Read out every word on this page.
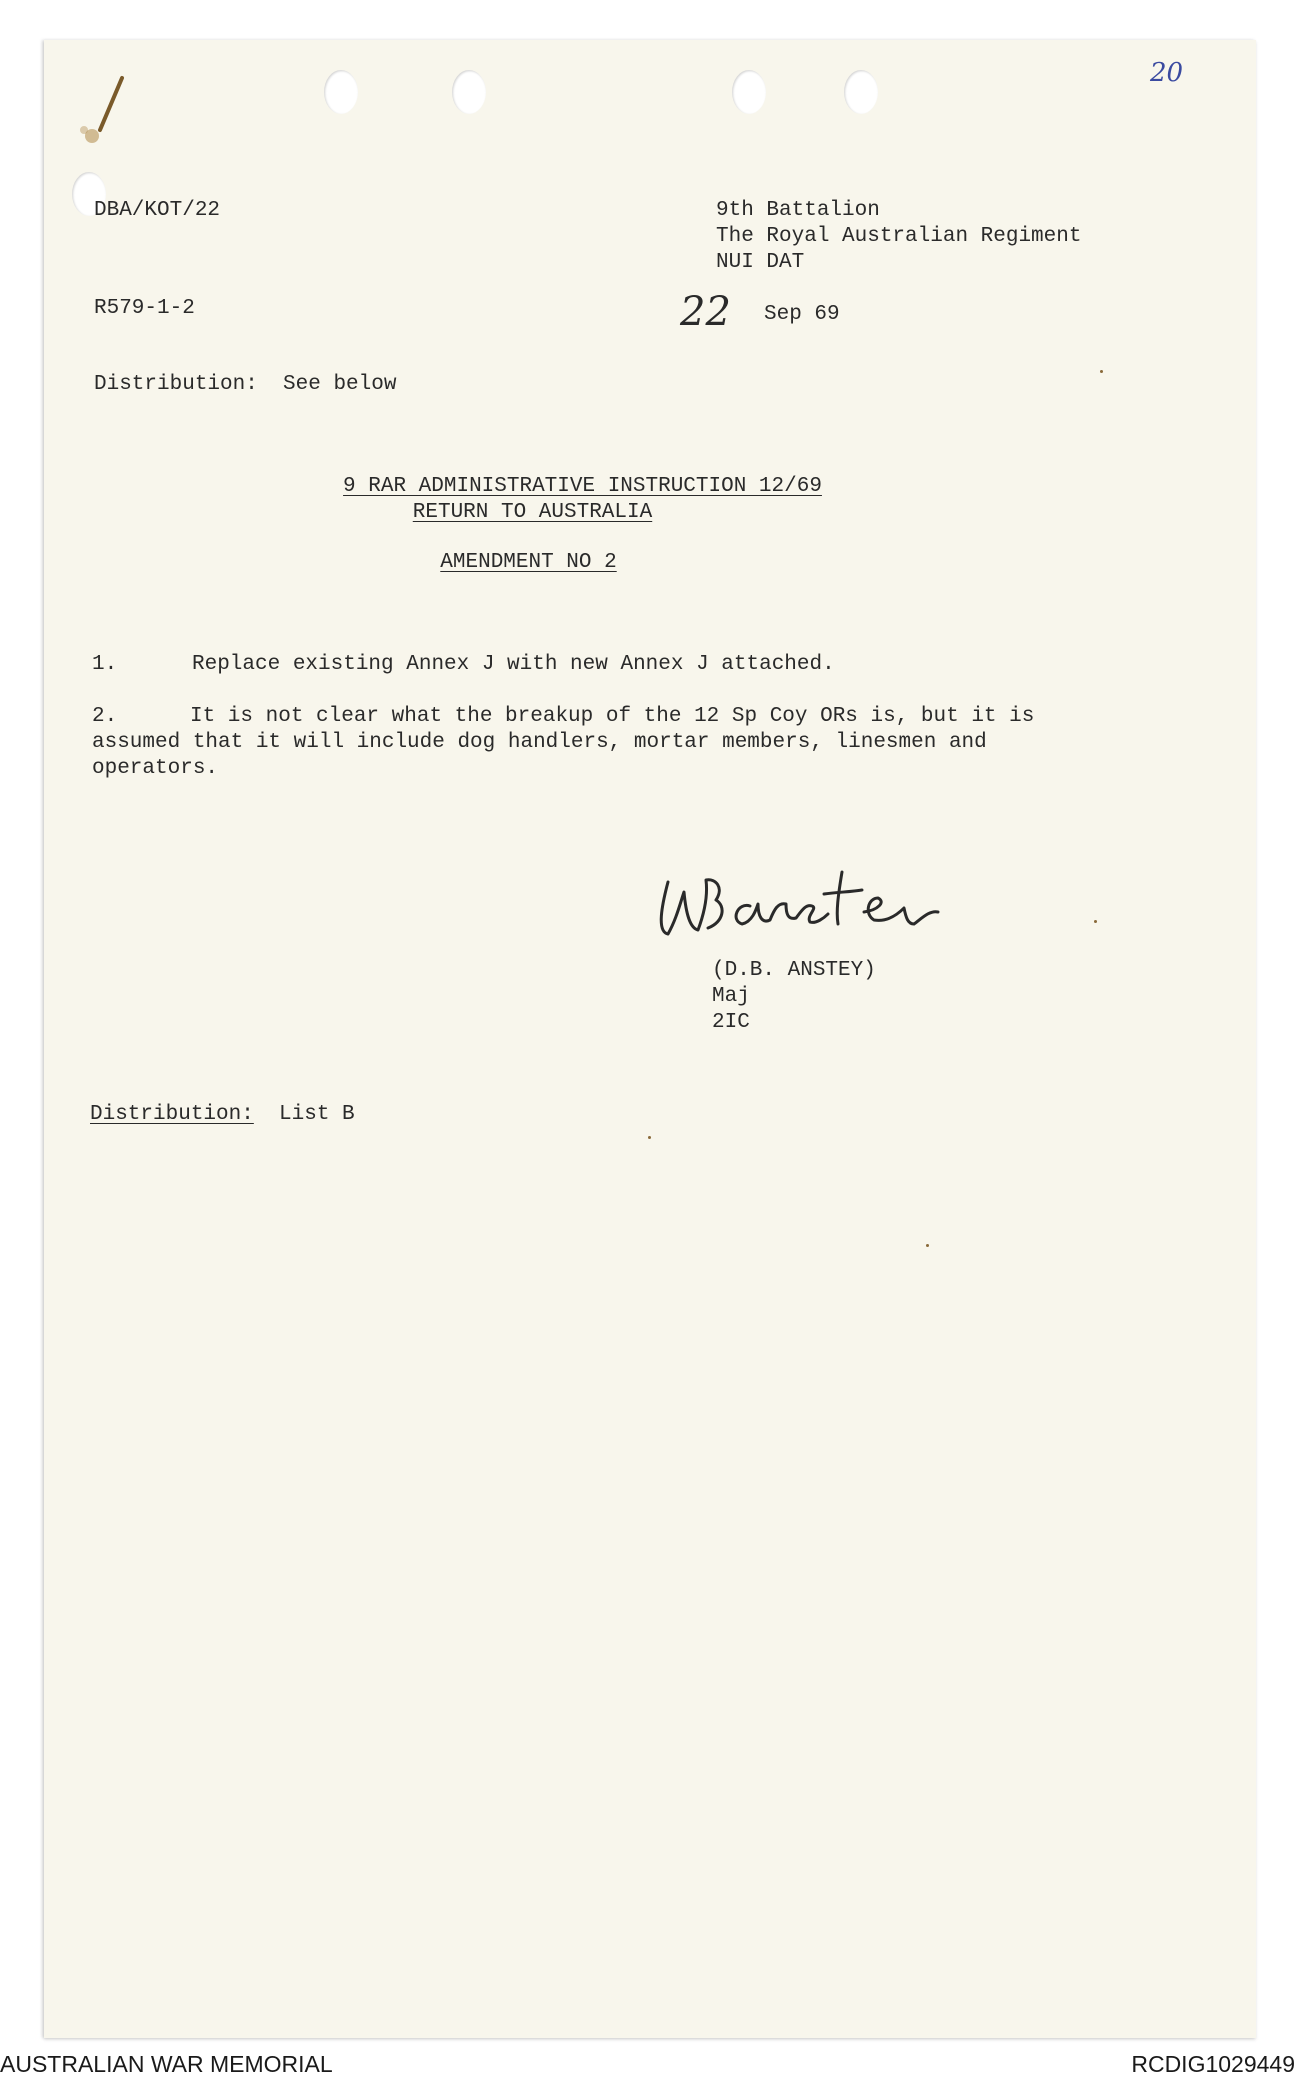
20
DBA/KOT/22	9th Battalion
The Royal Australian Regiment
NUI DAT
R579-1-2	22 Sep 69
Distribution: See below
9 RAR ADMINISTRATIVE INSTRUCTION 12/69
RETURN TO AUSTRALIA
AMENDMENT NO 2
1.	Replace existing Annex J with new Annex J attached.
2.	It is not clear what the breakup of the 12 Sp Coy ORs is, but it is
assumed that it will include dog handlers, mortar members, linesmen and
operators.
(D.B. ANSTEY)
Maj
2IC
Distribution: List B
AUSTRALIAN WAR MEMORIAL	RCDIG1029449
